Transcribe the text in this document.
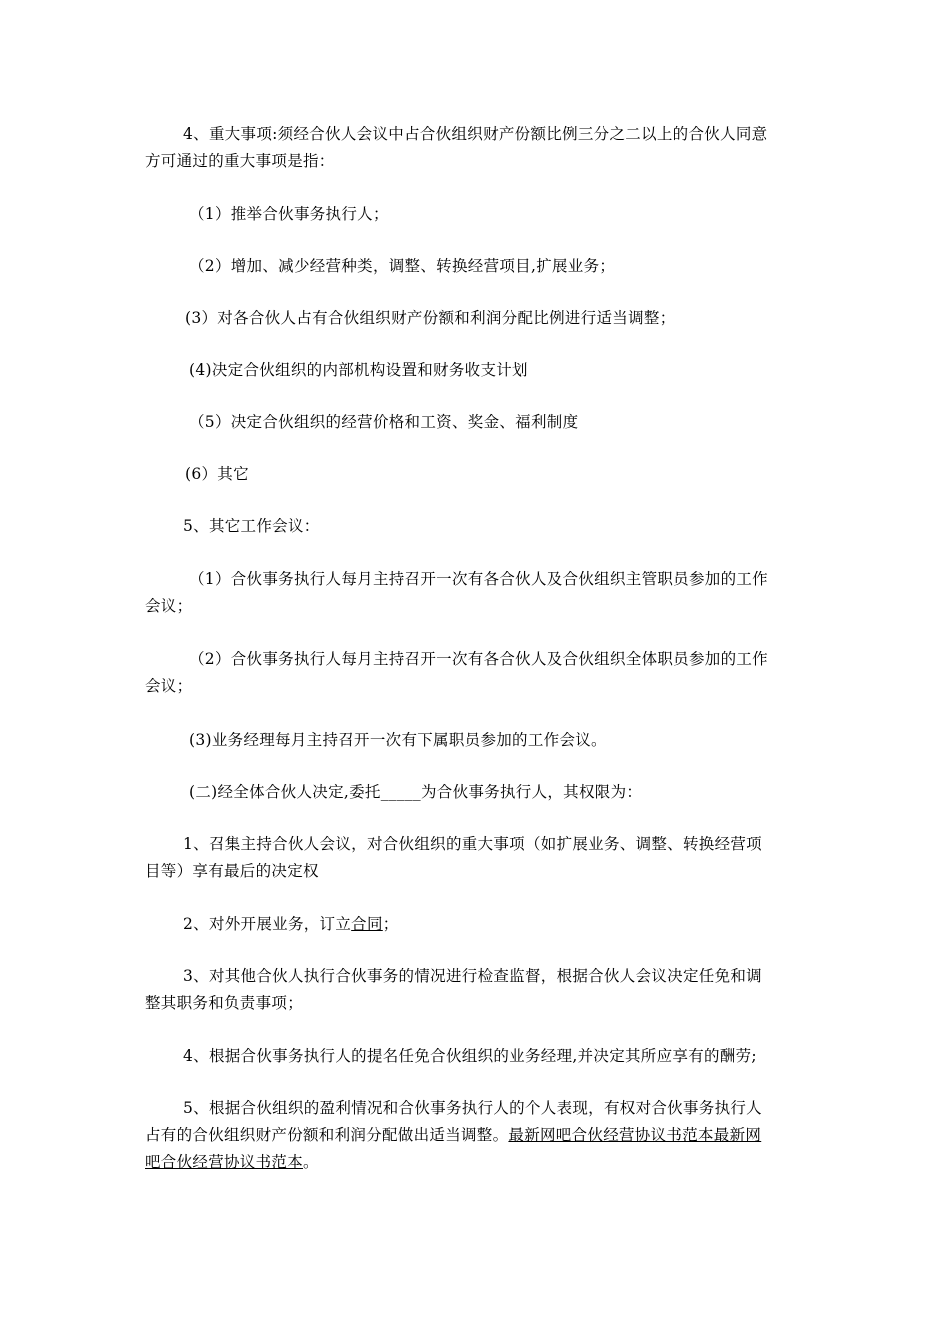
4、重大事项:须经合伙人会议中占合伙组织财产份额比例三分之二以上的合伙人同意
方可通过的重大事项是指：
（1）推举合伙事务执行人；
（2）增加、减少经营种类，调整、转换经营项目,扩展业务；
(3）对各合伙人占有合伙组织财产份额和利润分配比例进行适当调整；
(4)决定合伙组织的内部机构设置和财务收支计划
（5）决定合伙组织的经营价格和工资、奖金、福利制度
(6）其它
5、其它工作会议：
（1）合伙事务执行人每月主持召开一次有各合伙人及合伙组织主管职员参加的工作
会议；
（2）合伙事务执行人每月主持召开一次有各合伙人及合伙组织全体职员参加的工作
会议；
(3)业务经理每月主持召开一次有下属职员参加的工作会议。
(二)经全体合伙人决定,委托_____为合伙事务执行人，其权限为：
1、召集主持合伙人会议，对合伙组织的重大事项（如扩展业务、调整、转换经营项
目等）享有最后的决定权
2、对外开展业务，订立合同；
3、对其他合伙人执行合伙事务的情况进行检查监督，根据合伙人会议决定任免和调
整其职务和负责事项；
4、根据合伙事务执行人的提名任免合伙组织的业务经理,并决定其所应享有的酬劳;
5、根据合伙组织的盈利情况和合伙事务执行人的个人表现，有权对合伙事务执行人
占有的合伙组织财产份额和利润分配做出适当调整。最新网吧合伙经营协议书范本最新网
吧合伙经营协议书范本。
